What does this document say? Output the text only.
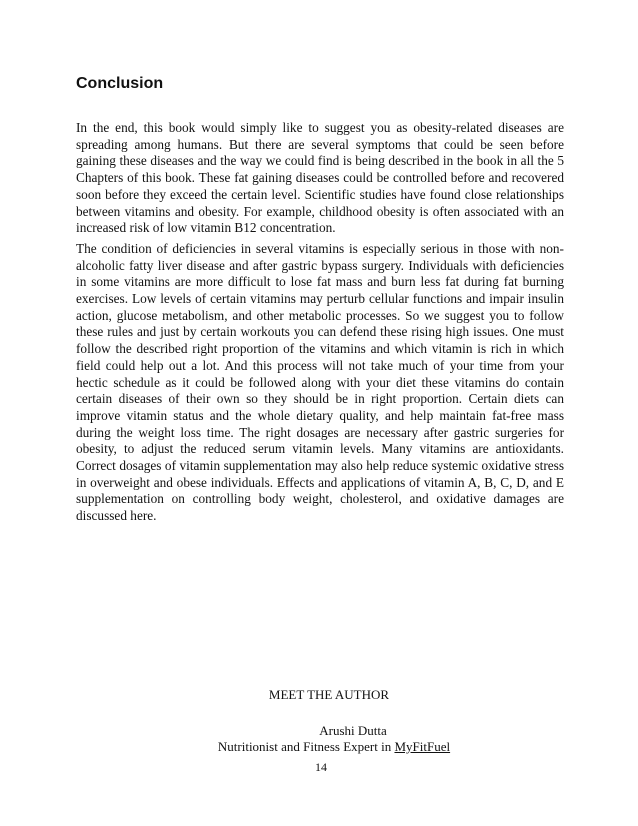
Conclusion

In the end, this book would simply like to suggest you as obesity-related diseases are spreading among humans. But there are several symptoms that could be seen before gaining these diseases and the way we could find is being described in the book in all the 5 Chapters of this book. These fat gaining diseases could be controlled before and recovered soon before they exceed the certain level. Scientific studies have found close relationships between vitamins and obesity. For example, childhood obesity is often associated with an increased risk of low vitamin B12 concentration.

The condition of deficiencies in several vitamins is especially serious in those with non-alcoholic fatty liver disease and after gastric bypass surgery. Individuals with deficiencies in some vitamins are more difficult to lose fat mass and burn less fat during fat burning exercises. Low levels of certain vitamins may perturb cellular functions and impair insulin action, glucose metabolism, and other metabolic processes. So we suggest you to follow these rules and just by certain workouts you can defend these rising high issues. One must follow the described right proportion of the vitamins and which vitamin is rich in which field could help out a lot. And this process will not take much of your time from your hectic schedule as it could be followed along with your diet these vitamins do contain certain diseases of their own so they should be in right proportion. Certain diets can improve vitamin status and the whole dietary quality, and help maintain fat-free mass during the weight loss time. The right dosages are necessary after gastric surgeries for obesity, to adjust the reduced serum vitamin levels. Many vitamins are antioxidants. Correct dosages of vitamin supplementation may also help reduce systemic oxidative stress in overweight and obese individuals. Effects and applications of vitamin A, B, C, D, and E supplementation on controlling body weight, cholesterol, and oxidative damages are discussed here.

MEET THE AUTHOR

Arushi Dutta

Nutritionist and Fitness Expert in MyFitFuel

14
